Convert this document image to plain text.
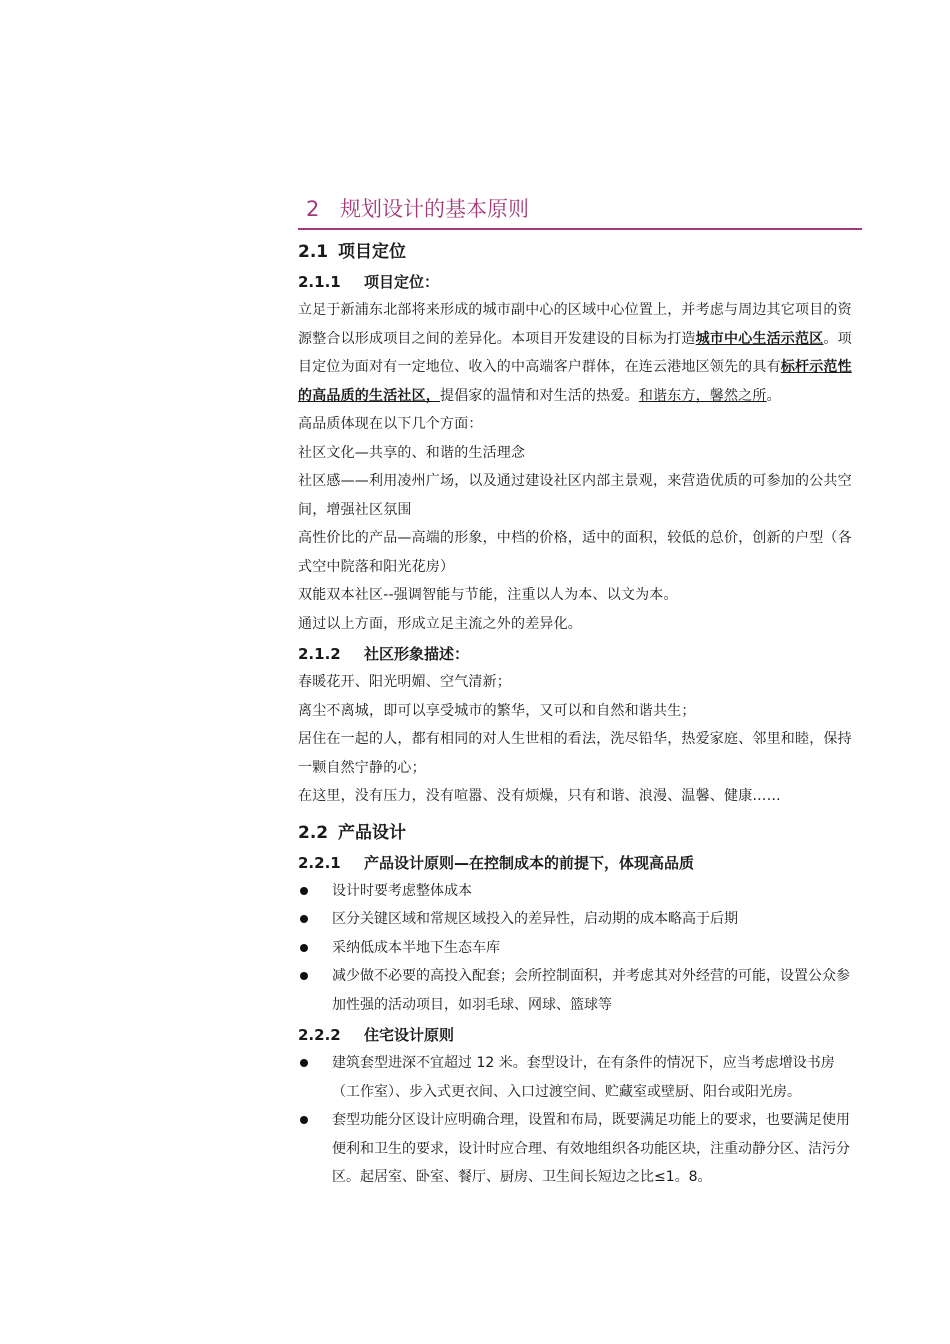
2 规划设计的基本原则
2.1 项目定位
2.1.1 项目定位：
立足于新浦东北部将来形成的城市副中心的区域中心位置上，并考虑与周边其它项目的资源整合以形成项目之间的差异化。本项目开发建设的目标为打造城市中心生活示范区。项目定位为面对有一定地位、收入的中高端客户群体，在连云港地区领先的具有标杆示范性的高品质的生活社区，提倡家的温情和对生活的热爱。和谐东方，馨然之所。
高品质体现在以下几个方面：
社区文化—共享的、和谐的生活理念
社区感——利用凌州广场，以及通过建设社区内部主景观，来营造优质的可参加的公共空间，增强社区氛围
高性价比的产品—高端的形象，中档的价格，适中的面积，较低的总价，创新的户型（各式空中院落和阳光花房）
双能双本社区--强调智能与节能，注重以人为本、以文为本。
通过以上方面，形成立足主流之外的差异化。
2.1.2 社区形象描述：
春暖花开、阳光明媚、空气清新；
离尘不离城，即可以享受城市的繁华，又可以和自然和谐共生；
居住在一起的人，都有相同的对人生世相的看法，洗尽铅华，热爱家庭、邻里和睦，保持一颗自然宁静的心；
在这里，没有压力，没有喧嚣、没有烦燥，只有和谐、浪漫、温馨、健康……
2.2 产品设计
2.2.1 产品设计原则—在控制成本的前提下，体现高品质
设计时要考虑整体成本
区分关键区域和常规区域投入的差异性，启动期的成本略高于后期
采纳低成本半地下生态车库
减少做不必要的高投入配套；会所控制面积，并考虑其对外经营的可能，设置公众参加性强的活动项目，如羽毛球、网球、篮球等
2.2.2 住宅设计原则
建筑套型进深不宜超过 12 米。套型设计，在有条件的情况下，应当考虑增设书房（工作室）、步入式更衣间、入口过渡空间、贮藏室或壁厨、阳台或阳光房。
套型功能分区设计应明确合理，设置和布局，既要满足功能上的要求，也要满足使用便利和卫生的要求，设计时应合理、有效地组织各功能区块，注重动静分区、洁污分区。起居室、卧室、餐厅、厨房、卫生间长短边之比≤1。8。
